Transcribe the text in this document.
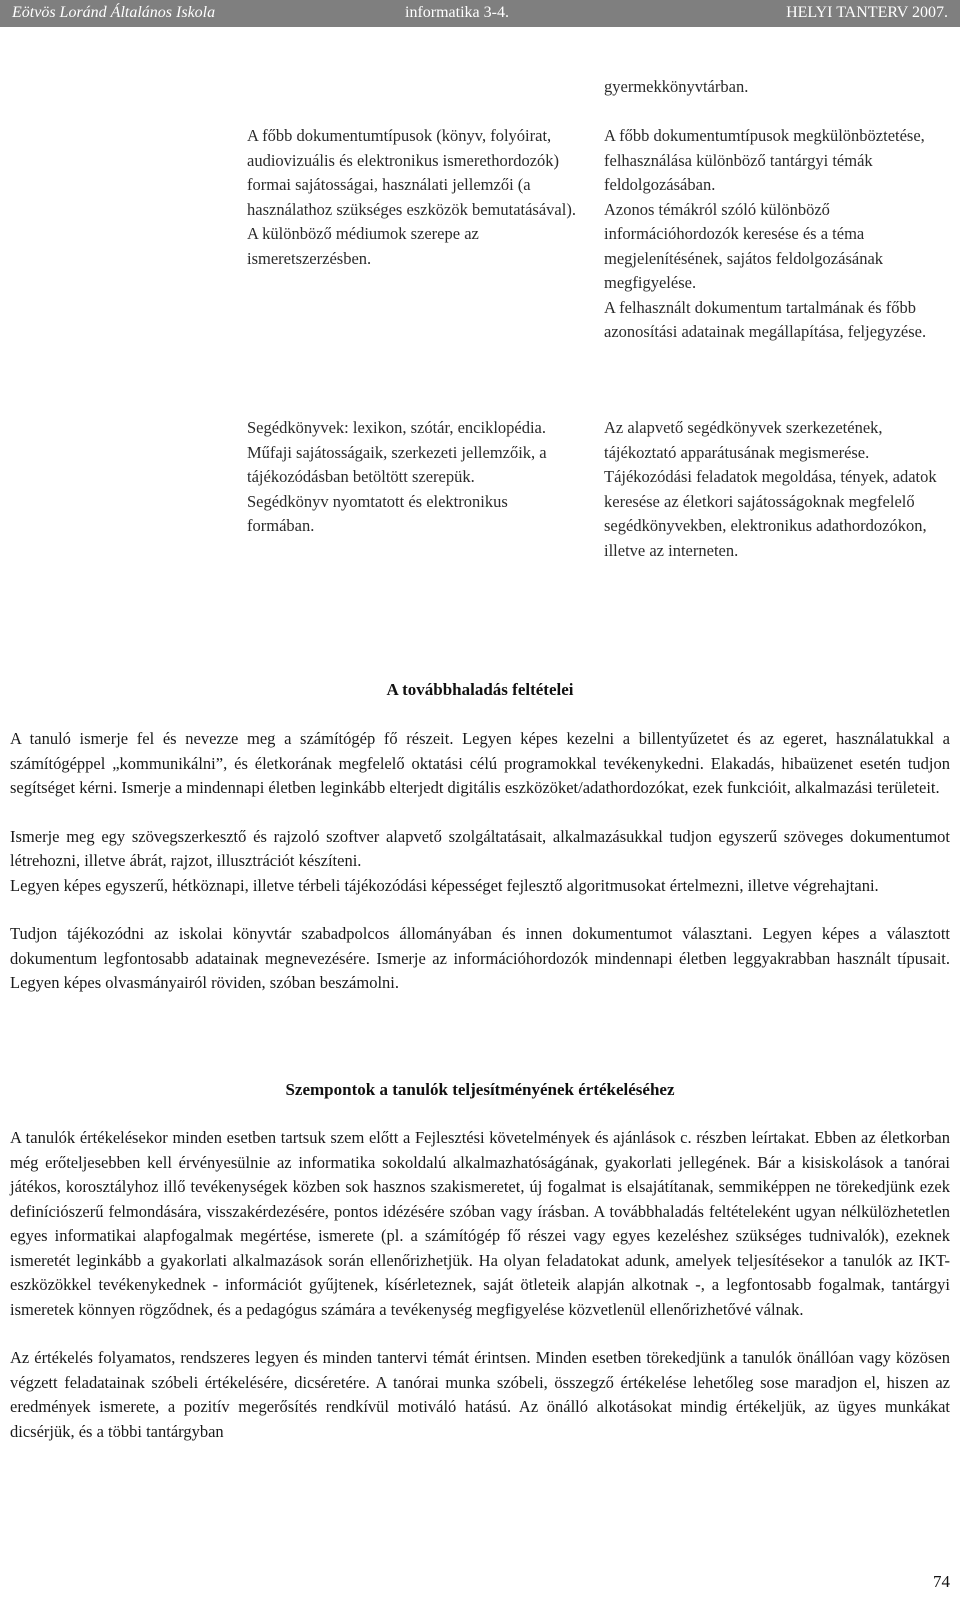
Eötvös Loránd Általános Iskola	informatika 3-4.	HELYI TANTERV 2007.

gyermekkönyvtárban.

A főbb dokumentumtípusok (könyv, folyóirat, audiovizuális és elektronikus ismerethordozók) formai sajátosságai, használati jellemzői (a használathoz szükséges eszközök bemutatásával). A különböző médiumok szerepe az ismeretszerzésben.

A főbb dokumentumtípusok megkülönböztetése, felhasználása különböző tantárgyi témák feldolgozásában.

Azonos témákról szóló különböző információhordozók keresése és a téma megjelenítésének, sajátos feldolgozásának megfigyelése.

A felhasznált dokumentum tartalmának és főbb azonosítási adatainak megállapítása, feljegyzése.

Segédkönyvek: lexikon, szótár, enciklopédia. Műfaji sajátosságaik, szerkezeti jellemzőik, a tájékozódásban betöltött szerepük.

Segédkönyv nyomtatott és elektronikus formában.

Az alapvető segédkönyvek szerkezetének, tájékoztató apparátusának megismerése.

Tájékozódási feladatok megoldása, tények, adatok keresése az életkori sajátosságoknak megfelelő segédkönyvekben, elektronikus adathordozókon, illetve az interneten.

A továbbhaladás feltételei

A tanuló ismerje fel és nevezze meg a számítógép fő részeit. Legyen képes kezelni a billentyűzetet és az egeret, használatukkal a számítógéppel „kommunikálni”, és életkorának megfelelő oktatási célú programokkal tevékenykedni. Elakadás, hibaüzenet esetén tudjon segítséget kérni. Ismerje a mindennapi életben leginkább elterjedt digitális eszközöket/adathordozókat, ezek funkcióit, alkalmazási területeit.

Ismerje meg egy szövegszerkesztő és rajzoló szoftver alapvető szolgáltatásait, alkalmazásukkal tudjon egyszerű szöveges dokumentumot létrehozni, illetve ábrát, rajzot, illusztrációt készíteni.

Legyen képes egyszerű, hétköznapi, illetve térbeli tájékozódási képességet fejlesztő algoritmusokat értelmezni, illetve végrehajtani.

Tudjon tájékozódni az iskolai könyvtár szabadpolcos állományában és innen dokumentumot választani. Legyen képes a választott dokumentum legfontosabb adatainak megnevezésére. Ismerje az információhordozók mindennapi életben leggyakrabban használt típusait. Legyen képes olvasmányairól röviden, szóban beszámolni.

Szempontok a tanulók teljesítményének értékeléséhez

A tanulók értékelésekor minden esetben tartsuk szem előtt a Fejlesztési követelmények és ajánlások c. részben leírtakat. Ebben az életkorban még erőteljesebben kell érvényesülnie az informatika sokoldalú alkalmazhatóságának, gyakorlati jellegének. Bár a kisiskolások a tanórai játékos, korosztályhoz illő tevékenységek közben sok hasznos szakismeretet, új fogalmat is elsajátítanak, semmiképpen ne törekedjünk ezek definíciószerű felmondására, visszakérdezésére, pontos idézésére szóban vagy írásban. A továbbhaladás feltételeként ugyan nélkülözhetetlen egyes informatikai alapfogalmak megértése, ismerete (pl. a számítógép fő részei vagy egyes kezeléshez szükséges tudnivalók), ezeknek ismeretét leginkább a gyakorlati alkalmazások során ellenőrizhetjük. Ha olyan feladatokat adunk, amelyek teljesítésekor a tanulók az IKT-eszközökkel tevékenykednek - információt gyűjtenek, kísérleteznek, saját ötleteik alapján alkotnak -, a legfontosabb fogalmak, tantárgyi ismeretek könnyen rögződnek, és a pedagógus számára a tevékenység megfigyelése közvetlenül ellenőrizhetővé válnak.

Az értékelés folyamatos, rendszeres legyen és minden tantervi témát érintsen. Minden esetben törekedjünk a tanulók önállóan vagy közösen végzett feladatainak szóbeli értékelésére, dicséretére. A tanórai munka szóbeli, összegző értékelése lehetőleg sose maradjon el, hiszen az eredmények ismerete, a pozitív megerősítés rendkívül motiváló hatású. Az önálló alkotásokat mindig értékeljük, az ügyes munkákat dicsérjük, és a többi tantárgyban

74
